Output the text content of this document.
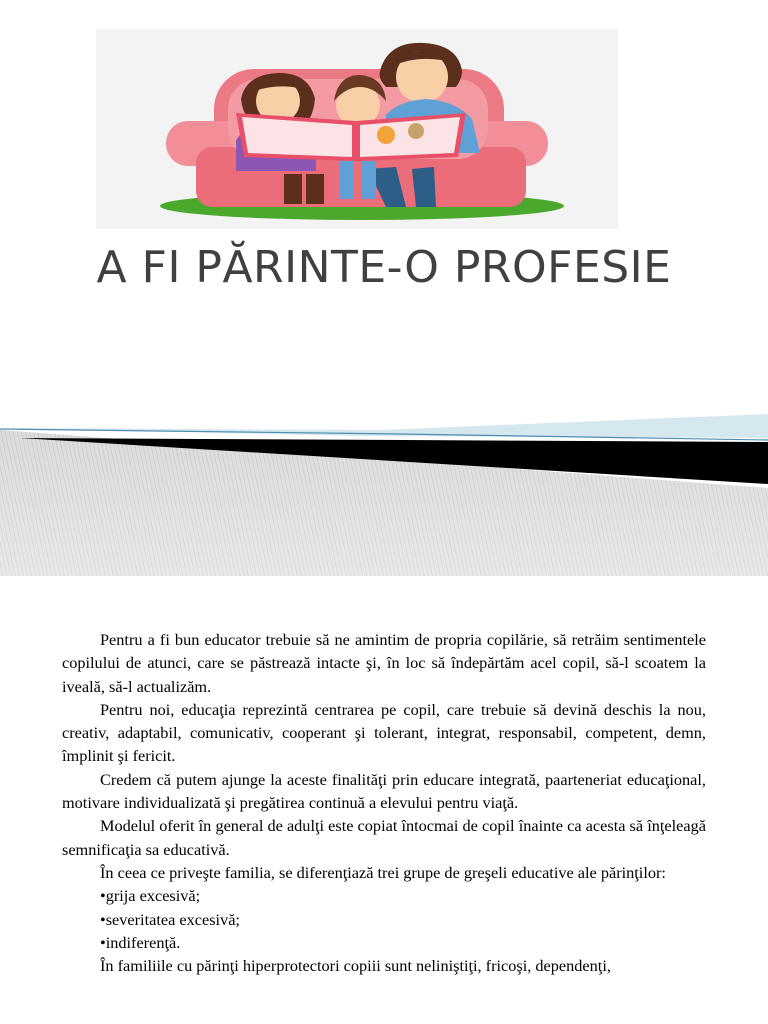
A FI PĂRINTE-O PROFESIE

Pentru a fi bun educator trebuie să ne amintim de propria copilărie, să retrăim sentimentele copilului de atunci, care se păstrează intacte şi, în loc să îndepărtăm acel copil, să-l scoatem la iveală, să-l actualizăm.

Pentru noi, educaţia reprezintă centrarea pe copil, care trebuie să devină deschis la nou, creativ, adaptabil, comunicativ, cooperant şi tolerant, integrat, responsabil, competent, demn, împlinit şi fericit.

Credem că putem ajunge la aceste finalităţi prin educare integrată, paarteneriat educaţional, motivare individualizată şi pregătirea continuă a elevului pentru viaţă.

Modelul oferit în general de adulţi este copiat întocmai de copil înainte ca acesta să înţeleagă semnificaţia sa educativă.

În ceea ce priveşte familia, se diferenţiază trei grupe de greşeli educative ale părinţilor:

•grija excesivă;

•severitatea excesivă;

•indiferenţă.

În familiile cu părinţi hiperprotectori copiii sunt neliniştiţi, fricoşi, dependenţi,
